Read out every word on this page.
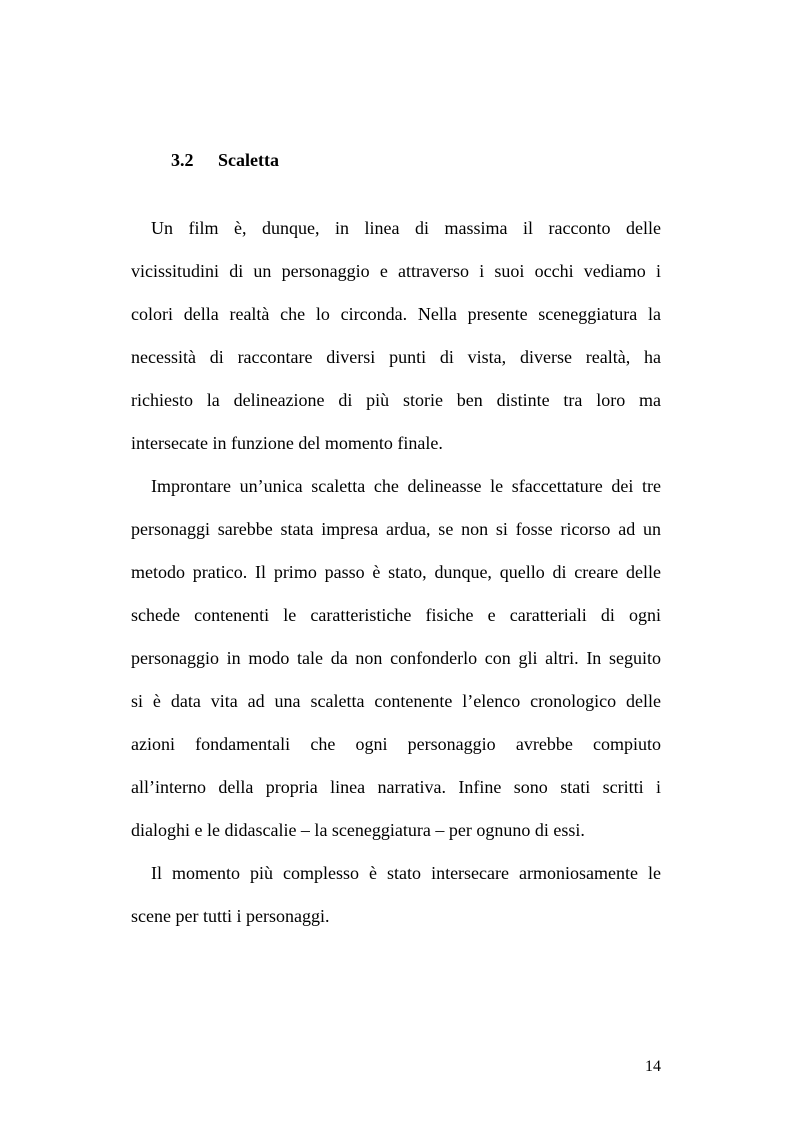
3.2 Scaletta
Un film è, dunque, in linea di massima il racconto delle
vicissitudini di un personaggio e attraverso i suoi occhi vediamo i
colori della realtà che lo circonda. Nella presente sceneggiatura la
necessità di raccontare diversi punti di vista, diverse realtà, ha
richiesto la delineazione di più storie ben distinte tra loro ma
intersecate in funzione del momento finale.
Improntare un’unica scaletta che delineasse le sfaccettature dei tre
personaggi sarebbe stata impresa ardua, se non si fosse ricorso ad un
metodo pratico. Il primo passo è stato, dunque, quello di creare delle
schede contenenti le caratteristiche fisiche e caratteriali di ogni
personaggio in modo tale da non confonderlo con gli altri. In seguito
si è data vita ad una scaletta contenente l’elenco cronologico delle
azioni fondamentali che ogni personaggio avrebbe compiuto
all’interno della propria linea narrativa. Infine sono stati scritti i
dialoghi e le didascalie – la sceneggiatura – per ognuno di essi.
Il momento più complesso è stato intersecare armoniosamente le
scene per tutti i personaggi.
14
